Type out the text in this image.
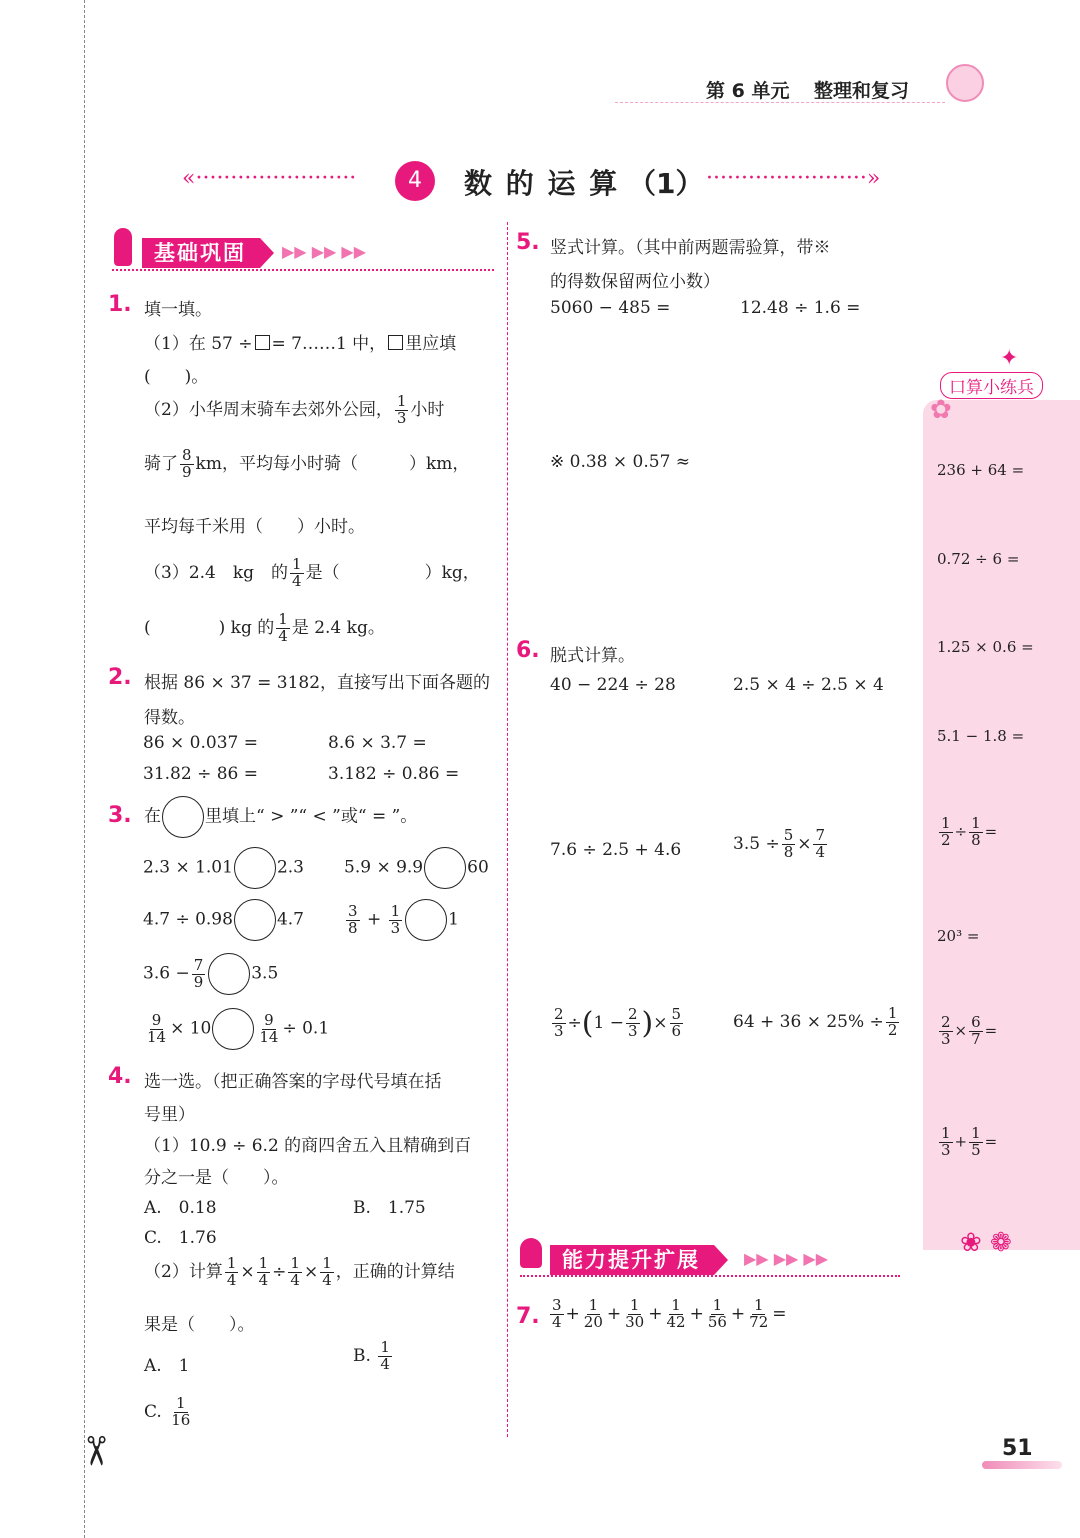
✂
第 6 单元 整理和复习
«·······················	4	数 的 运 算 （1） ·······················»
基础巩固	▶▶ ▶▶ ▶▶
1. 填一填。
（1）在 57 ÷ = 7……1 中， 里应填
(　　)。
（2）小华周末骑车去郊外公园， $\frac{1}{3}$ 小时
骑了 $\frac{8}{9}$ km，平均每小时骑（　　　）km，
平均每千米用（　　）小时。
（3）2.4　kg　的 $\frac{1}{4}$ 是（　　　　　）kg，
(　　　　) kg 的 $\frac{1}{4}$ 是 2.4 kg。
2. 根据 86 × 37 = 3182，直接写出下面各题的
得数。
86 × 0.037 =	8.6 × 3.7 =
31.82 ÷ 86 =	3.182 ÷ 0.86 =
3. 在	里填上“ > ”“ < ”或“ = ”。
2.3 × 1.01	2.3 5.9 × 9.9	60
4.7 ÷ 0.98	4.7	$\frac{3}{8} + \frac{1}{3}$	1
$3.6 - \frac{7}{9}$	3.5
$\frac{9}{14} \times 10$	$\frac{9}{14} \div 0.1$
4. 选一选。（把正确答案的字母代号填在括
号里）
（1）10.9 ÷ 6.2 的商四舍五入且精确到百
分之一是（　　）。
A.　0.18	B.　1.75
C.　1.76
（2）计算 $\frac{1}{4} \times \frac{1}{4} \div \frac{1}{4} \times \frac{1}{4}$ ，正确的计算结
果是（　　）。
A.　1
B. $\frac{1}{4}$
C. $\frac{1}{16}$
5. 竖式计算。（其中前两题需验算，带※
的得数保留两位小数）
5060 − 485 =	12.48 ÷ 1.6 =
※ 0.38 × 0.57 ≈
6. 脱式计算。
40 − 224 ÷ 28	2.5 × 4 ÷ 2.5 × 4
7.6 ÷ 2.5 + 4.6	$3.5 \div \frac{5}{8} \times \frac{7}{4}$
$\frac{2}{3} \div(1 - \frac{2}{3}$ )× $\frac{5}{6}$	$64 + 36 \times 25\% \div \frac{1}{2}$
能力提升扩展	▶▶ ▶▶ ▶▶
7. $\frac{3}{4} + \frac{1}{20} + \frac{1}{30} + \frac{1}{42} + \frac{1}{56} + \frac{1}{72}$ =
✦
口算小练兵
✿
236 + 64 =
0.72 ÷ 6 =
1.25 × 0.6 =
5.1 − 1.8 =
$\frac{1}{2} \div \frac{1}{8}$ =
20³ =
$\frac{2}{3} \times \frac{6}{7}$ =
$\frac{1}{3} + \frac{1}{5}$ =
❀ ❁
51
